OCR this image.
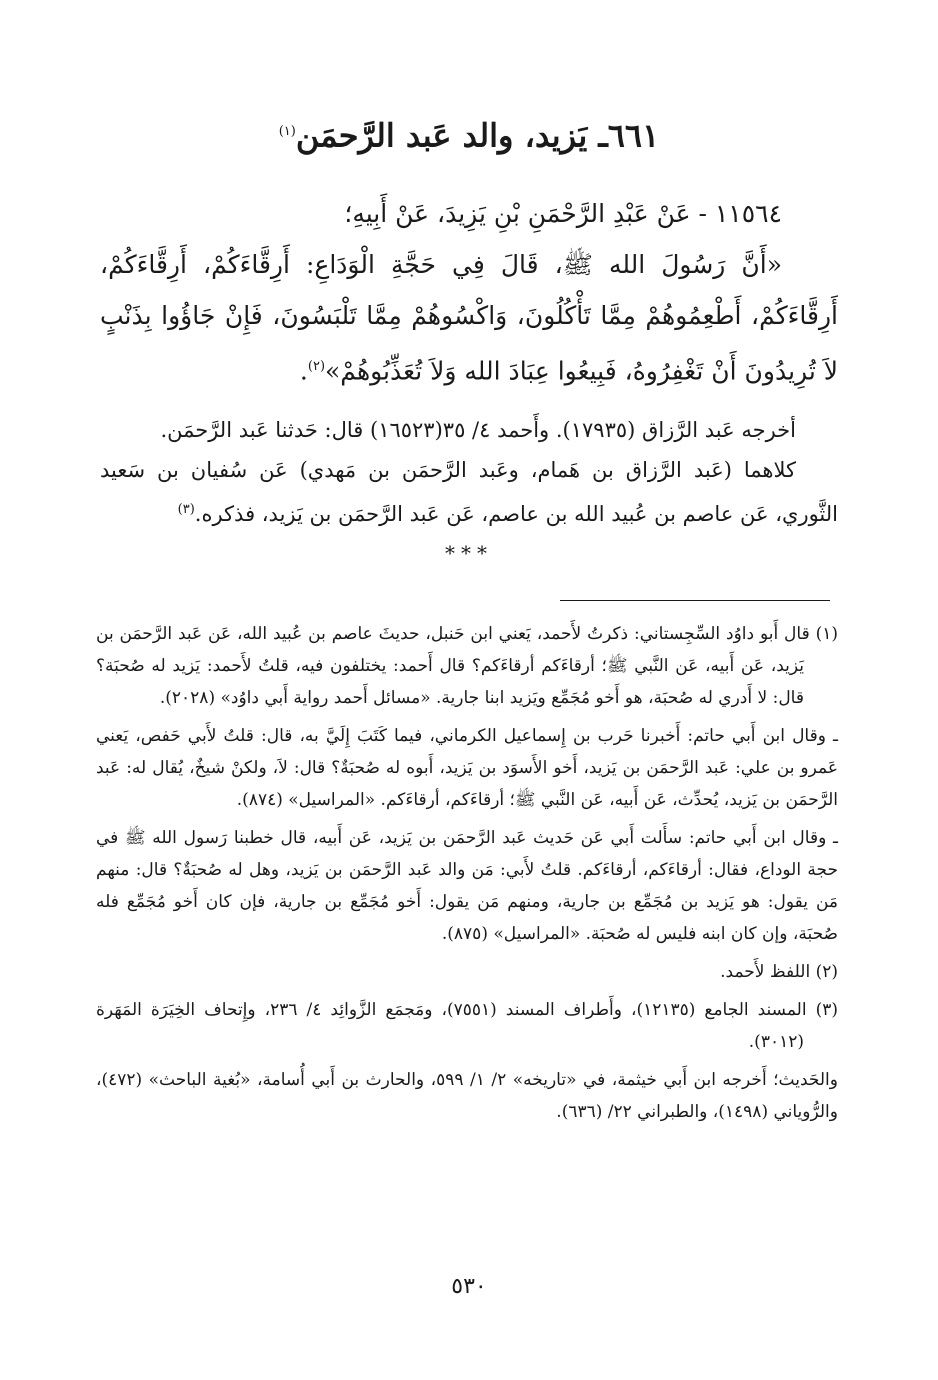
٦٦١ـ يَزيد، والد عَبد الرَّحمَن$^{(١)}$

١١٥٦٤ - عَنْ عَبْدِ الرَّحْمَنِ بْنِ يَزِيدَ، عَنْ أَبِيهِ؛

«أَنَّ رَسُولَ الله ﷺ، قَالَ فِي حَجَّةِ الْوَدَاعِ: أَرِقَّاءَكُمْ، أَرِقَّاءَكُمْ، أَرِقَّاءَكُمْ، أَطْعِمُوهُمْ مِمَّا تَأْكُلُونَ، وَاكْسُوهُمْ مِمَّا تَلْبَسُونَ، فَإِنْ جَاؤُوا بِذَنْبٍ لاَ تُرِيدُونَ أَنْ تَغْفِرُوهُ، فَبِيعُوا عِبَادَ الله وَلاَ تُعَذِّبُوهُمْ»$^{(٢)}$.

أخرجه عَبد الرَّزاق (١٧٩٣٥). وأَحمد ٤/ ٣٥(١٦٥٢٣) قال: حَدثنا عَبد الرَّحمَن.

كلاهما (عَبد الرَّزاق بن هَمام، وعَبد الرَّحمَن بن مَهدي) عَن سُفيان بن سَعيد الثَّوري، عَن عاصم بن عُبيد الله بن عاصم، عَن عَبد الرَّحمَن بن يَزيد، فذكره.$^{(٣)}$

***

(١) قال أَبو داوُد السِّجِستاني: ذكرتُ لأَحمد، يَعني ابن حَنبل، حديثَ عاصم بن عُبيد الله، عَن عَبد الرَّحمَن بن يَزيد، عَن أَبيه، عَن النَّبي ﷺ؛ أرقاءَكم أرقاءَكم؟ قال أَحمد: يختلفون فيه، قلتُ لأَحمد: يَزيد له صُحبَة؟ قال: لا أَدري له صُحبَة، هو أَخو مُجَمِّع ويَزيد ابنا جارية. «مسائل أَحمد رواية أَبي داوُد» (٢٠٢٨).

ـ وقال ابن أَبي حاتم: أَخبرنا حَرب بن إِسماعيل الكرماني، فيما كَتَبَ إِلَيَّ به، قال: قلتُ لأَبي حَفص، يَعني عَمرو بن علي: عَبد الرَّحمَن بن يَزيد، أَخو الأَسوَد بن يَزيد، أَبوه له صُحبَةٌ؟ قال: لاَ، ولكنْ شيخٌ، يُقال له: عَبد الرَّحمَن بن يَزيد، يُحدِّث، عَن أَبيه، عَن النَّبي ﷺ؛ أرقاءَكم، أرقاءَكم. «المراسيل» (٨٧٤).

ـ وقال ابن أَبي حاتم: سأَلت أَبي عَن حَديث عَبد الرَّحمَن بن يَزيد، عَن أَبيه، قال خطبنا رَسول الله ﷺ في حجة الوداع، فقال: أرقاءَكم، أرقاءَكم. قلتُ لأَبي: مَن والد عَبد الرَّحمَن بن يَزيد، وهل له صُحبَةٌ؟ قال: منهم مَن يقول: هو يَزيد بن مُجَمِّع بن جارية، ومنهم مَن يقول: أَخو مُجَمِّع بن جارية، فإن كان أَخو مُجَمِّع فله صُحبَة، وإن كان ابنه فليس له صُحبَة. «المراسيل» (٨٧٥).

(٢) اللفظ لأَحمد.

(٣) المسند الجامع (١٢١٣٥)، وأَطراف المسند (٧٥٥١)، ومَجمَع الزَّوائِد ٤/ ٢٣٦، وإِتحاف الخِيَرَة المَهَرة (٣٠١٢).

والحَديث؛ أَخرجه ابن أَبي خيثمة، في «تاريخه» ٢/ ١/ ٥٩٩، والحارث بن أَبي أُسامة، «بُغية الباحث» (٤٧٢)، والرُّوياني (١٤٩٨)، والطبراني ٢٢/ (٦٣٦).

٥٣٠
